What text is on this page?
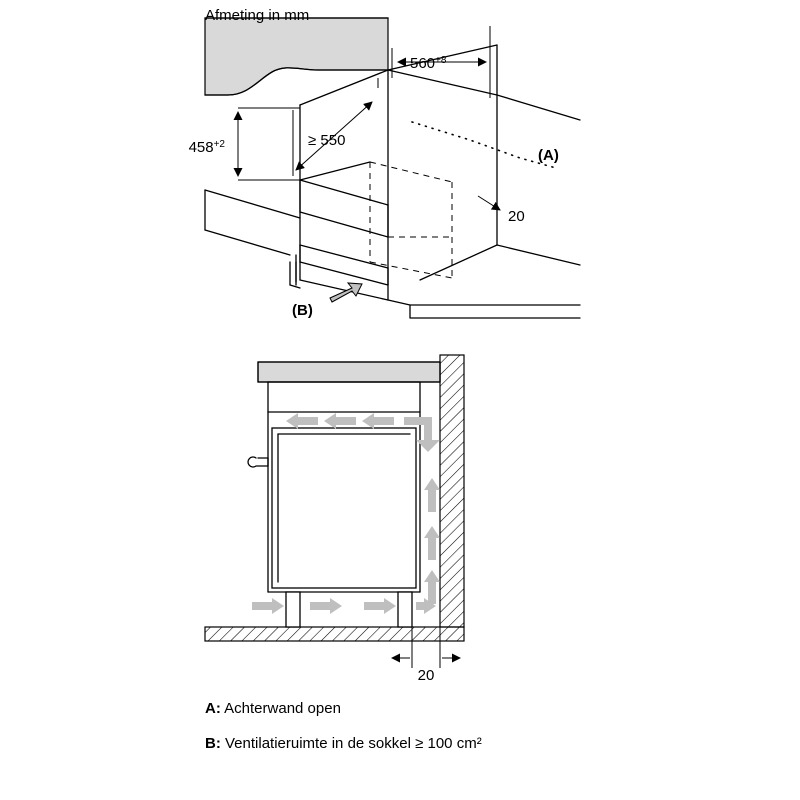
$560^{+8}$
$458^{+2}$	≥ 550
20
(A)
(B)
20
Afmeting in mm
A: Achterwand open
B: Ventilatieruimte in de sokkel ≥ 100 cm²
